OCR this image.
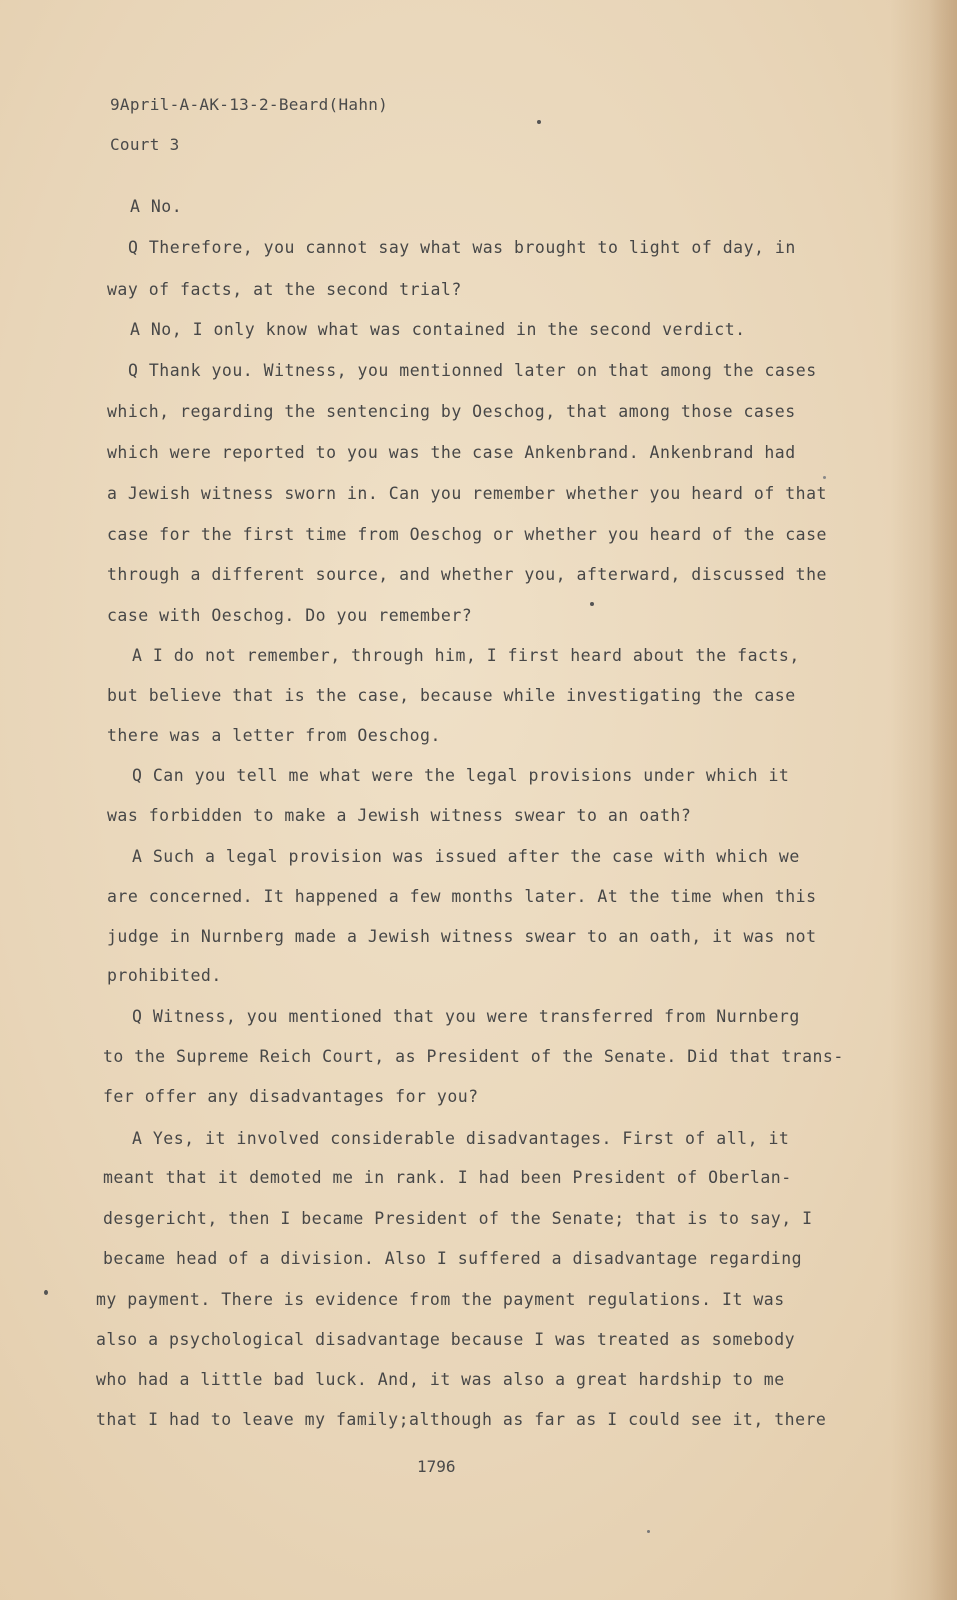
9April-A-AK-13-2-Beard(Hahn)
Court 3
A No.
Q Therefore, you cannot say what was brought to light of day, in
way of facts, at the second trial?
A No, I only know what was contained in the second verdict.
Q Thank you. Witness, you mentionned later on that among the cases
which, regarding the sentencing by Oeschog, that among those cases
which were reported to you was the case Ankenbrand. Ankenbrand had
a Jewish witness sworn in. Can you remember whether you heard of that
case for the first time from Oeschog or whether you heard of the case
through a different source, and whether you, afterward, discussed the
case with Oeschog. Do you remember?
A I do not remember, through him, I first heard about the facts,
but believe that is the case, because while investigating the case
there was a letter from Oeschog.
Q Can you tell me what were the legal provisions under which it
was forbidden to make a Jewish witness swear to an oath?
A Such a legal provision was issued after the case with which we
are concerned. It happened a few months later. At the time when this
judge in Nurnberg made a Jewish witness swear to an oath, it was not
prohibited.
Q Witness, you mentioned that you were transferred from Nurnberg
to the Supreme Reich Court, as President of the Senate. Did that trans-
fer offer any disadvantages for you?
A Yes, it involved considerable disadvantages. First of all, it
meant that it demoted me in rank. I had been President of Oberlan-
desgericht, then I became President of the Senate; that is to say, I
became head of a division. Also I suffered a disadvantage regarding
my payment. There is evidence from the payment regulations. It was
also a psychological disadvantage because I was treated as somebody
who had a little bad luck. And, it was also a great hardship to me
that I had to leave my family;although as far as I could see it, there
1796
